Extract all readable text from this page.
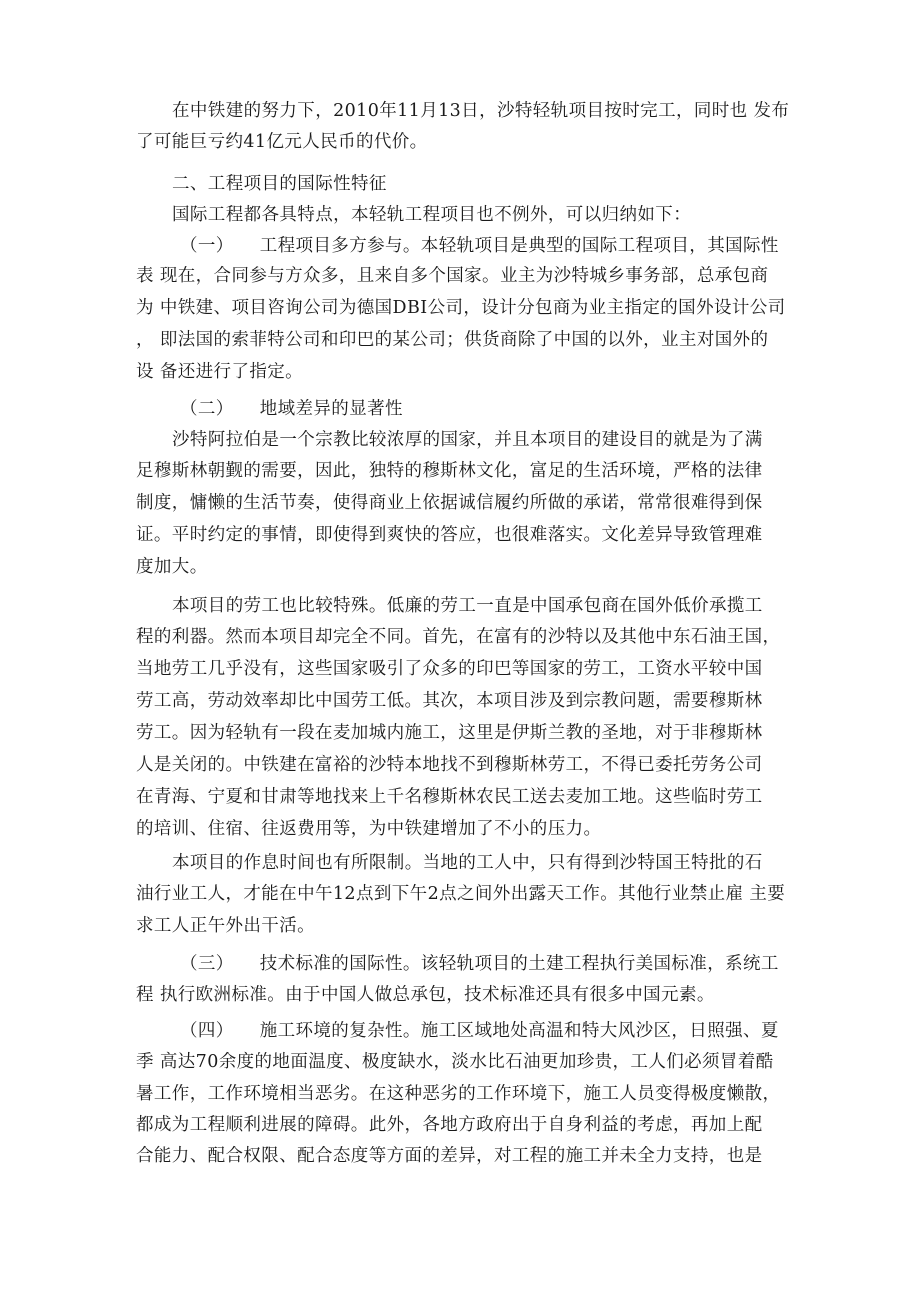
在中铁建的努力下，2010年11月13日，沙特轻轨项目按时完工，同时也 发布
了可能巨亏约41亿元人民币的代价。
二、工程项目的国际性特征
国际工程都各具特点，本轻轨工程项目也不例外，可以归纳如下：
（一） 工程项目多方参与。本轻轨项目是典型的国际工程项目，其国际性
表 现在，合同参与方众多，且来自多个国家。业主为沙特城乡事务部，总承包商
为 中铁建、项目咨询公司为德国DBI公司，设计分包商为业主指定的国外设计公司
， 即法国的索菲特公司和印巴的某公司；供货商除了中国的以外，业主对国外的
设 备还进行了指定。
（二） 地域差异的显著性
沙特阿拉伯是一个宗教比较浓厚的国家，并且本项目的建设目的就是为了满
足穆斯林朝觐的需要，因此，独特的穆斯林文化，富足的生活环境，严格的法律
制度，慵懒的生活节奏，使得商业上依据诚信履约所做的承诺，常常很难得到保
证。平时约定的事情，即使得到爽快的答应，也很难落实。文化差异导致管理难
度加大。
本项目的劳工也比较特殊。低廉的劳工一直是中国承包商在国外低价承揽工
程的利器。然而本项目却完全不同。首先，在富有的沙特以及其他中东石油王国，
当地劳工几乎没有，这些国家吸引了众多的印巴等国家的劳工，工资水平较中国
劳工高，劳动效率却比中国劳工低。其次，本项目涉及到宗教问题，需要穆斯林
劳工。因为轻轨有一段在麦加城内施工，这里是伊斯兰教的圣地，对于非穆斯林
人是关闭的。中铁建在富裕的沙特本地找不到穆斯林劳工，不得已委托劳务公司
在青海、宁夏和甘肃等地找来上千名穆斯林农民工送去麦加工地。这些临时劳工
的培训、住宿、往返费用等，为中铁建增加了不小的压力。
本项目的作息时间也有所限制。当地的工人中，只有得到沙特国王特批的石
油行业工人，才能在中午12点到下午2点之间外出露天工作。其他行业禁止雇 主要
求工人正午外出干活。
（三） 技术标准的国际性。该轻轨项目的土建工程执行美国标准，系统工
程 执行欧洲标准。由于中国人做总承包，技术标准还具有很多中国元素。
（四） 施工环境的复杂性。施工区域地处高温和特大风沙区，日照强、夏
季 高达70余度的地面温度、极度缺水，淡水比石油更加珍贵，工人们必须冒着酷
暑工作，工作环境相当恶劣。在这种恶劣的工作环境下，施工人员变得极度懒散，
都成为工程顺利进展的障碍。此外，各地方政府出于自身利益的考虑，再加上配
合能力、配合权限、配合态度等方面的差异，对工程的施工并未全力支持，也是
